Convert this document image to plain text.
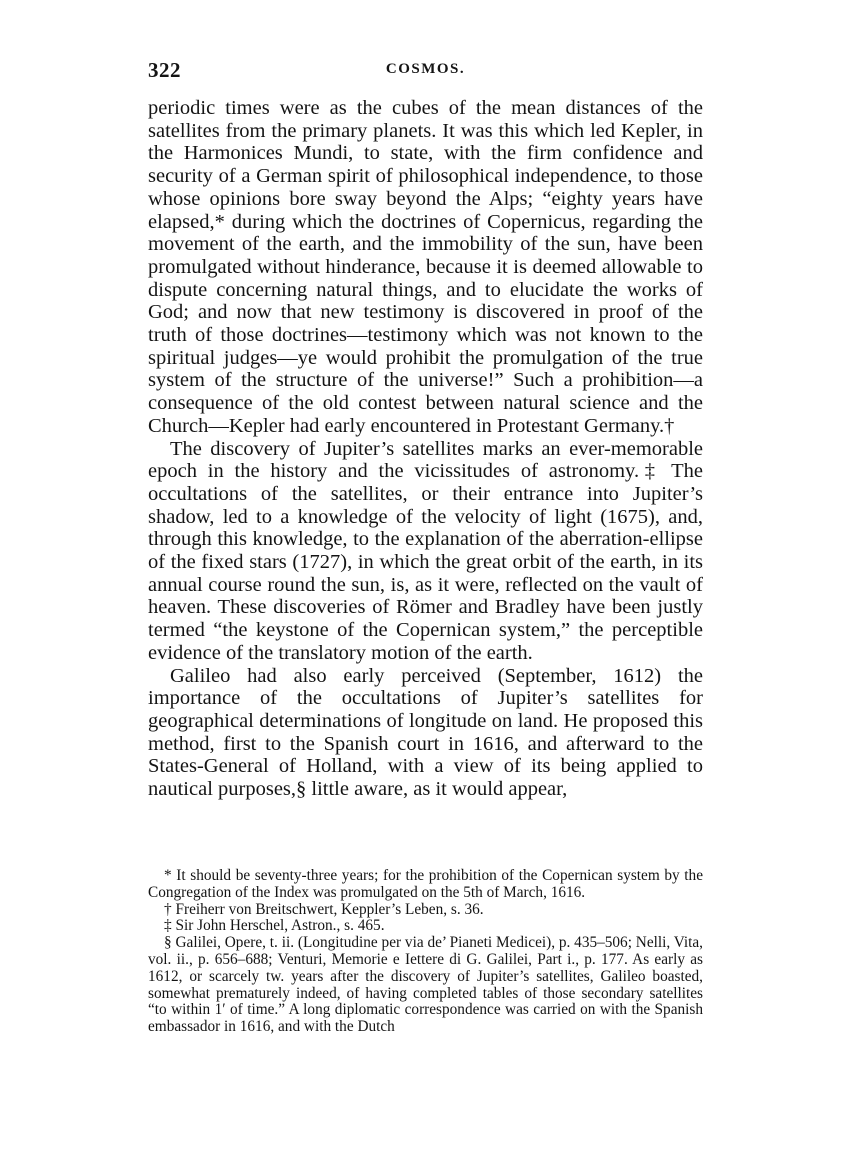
322	COSMOS.

periodic times were as the cubes of the mean distances of the satellites from the primary planets. It was this which led Kepler, in the Harmonices Mundi, to state, with the firm confidence and security of a German spirit of philosophical independence, to those whose opinions bore sway beyond the Alps; “eighty years have elapsed,* during which the doctrines of Copernicus, regarding the movement of the earth, and the immobility of the sun, have been promulgated without hinderance, because it is deemed allowable to dispute concerning natural things, and to elucidate the works of God; and now that new testimony is discovered in proof of the truth of those doctrines—testimony which was not known to the spiritual judges—ye would prohibit the promulgation of the true system of the structure of the universe!” Such a prohibition—a consequence of the old contest between natural science and the Church—Kepler had early encountered in Protestant Germany.†

The discovery of Jupiter’s satellites marks an ever-memorable epoch in the history and the vicissitudes of astronomy.‡ The occultations of the satellites, or their entrance into Jupiter’s shadow, led to a knowledge of the velocity of light (1675), and, through this knowledge, to the explanation of the aberration-ellipse of the fixed stars (1727), in which the great orbit of the earth, in its annual course round the sun, is, as it were, reflected on the vault of heaven. These discoveries of Römer and Bradley have been justly termed “the keystone of the Copernican system,” the perceptible evidence of the translatory motion of the earth.

Galileo had also early perceived (September, 1612) the importance of the occultations of Jupiter’s satellites for geographical determinations of longitude on land. He proposed this method, first to the Spanish court in 1616, and afterward to the States-General of Holland, with a view of its being applied to nautical purposes,§ little aware, as it would appear,

* It should be seventy-three years; for the prohibition of the Copernican system by the Congregation of the Index was promulgated on the 5th of March, 1616.

† Freiherr von Breitschwert, Keppler’s Leben, s. 36.

‡ Sir John Herschel, Astron., s. 465.

§ Galilei, Opere, t. ii. (Longitudine per via de’ Pianeti Medicei), p. 435–506; Nelli, Vita, vol. ii., p. 656–688; Venturi, Memorie e Iettere di G. Galilei, Part i., p. 177. As early as 1612, or scarcely tw. years after the discovery of Jupiter’s satellites, Galileo boasted, somewhat prematurely indeed, of having completed tables of those secondary satellites “to within 1′ of time.” A long diplomatic correspondence was carried on with the Spanish embassador in 1616, and with the Dutch
